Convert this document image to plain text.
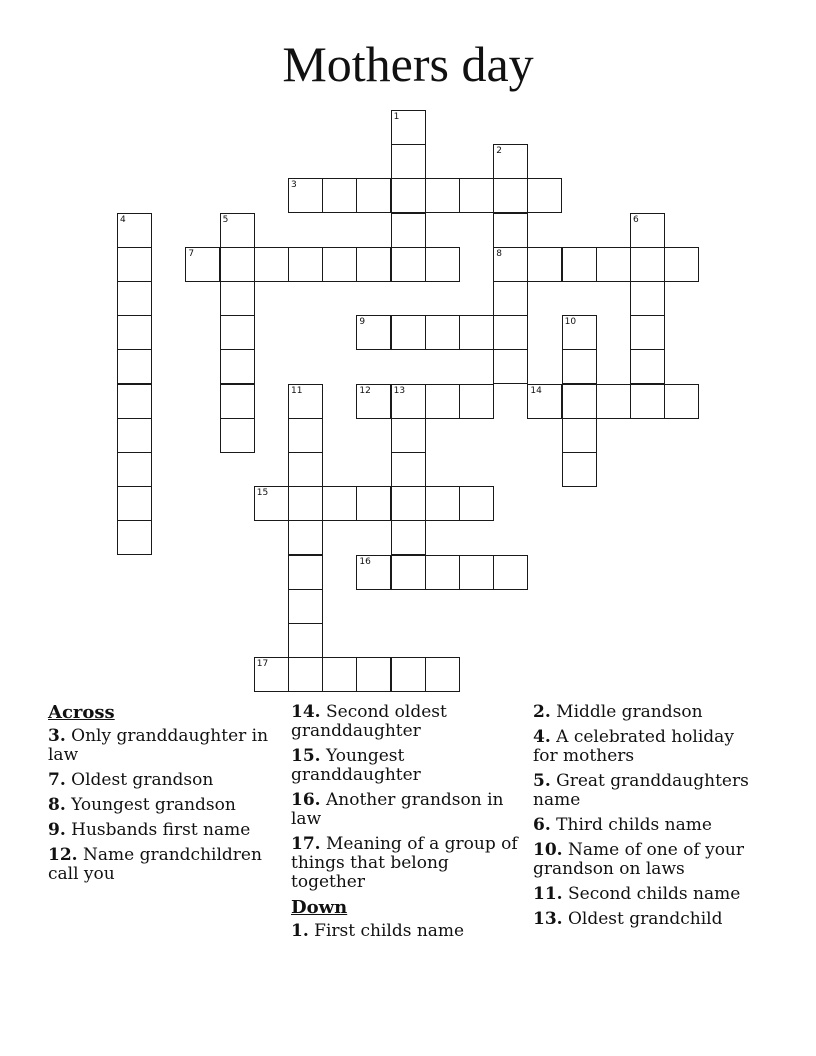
Mothers day
1
2
3
4	5	6
7	8
9	10
11	12	13	14
15
16
17
Across
3. Only granddaughter in law
7. Oldest grandson
8. Youngest grandson
9. Husbands first name
12. Name grandchildren call you
14. Second oldest granddaughter
15. Youngest granddaughter
16. Another grandson in law
17. Meaning of a group of things that belong together
Down
1. First childs name
2. Middle grandson
4. A celebrated holiday for mothers
5. Great granddaughters name
6. Third childs name
10. Name of one of your grandson on laws
11. Second childs name
13. Oldest grandchild
